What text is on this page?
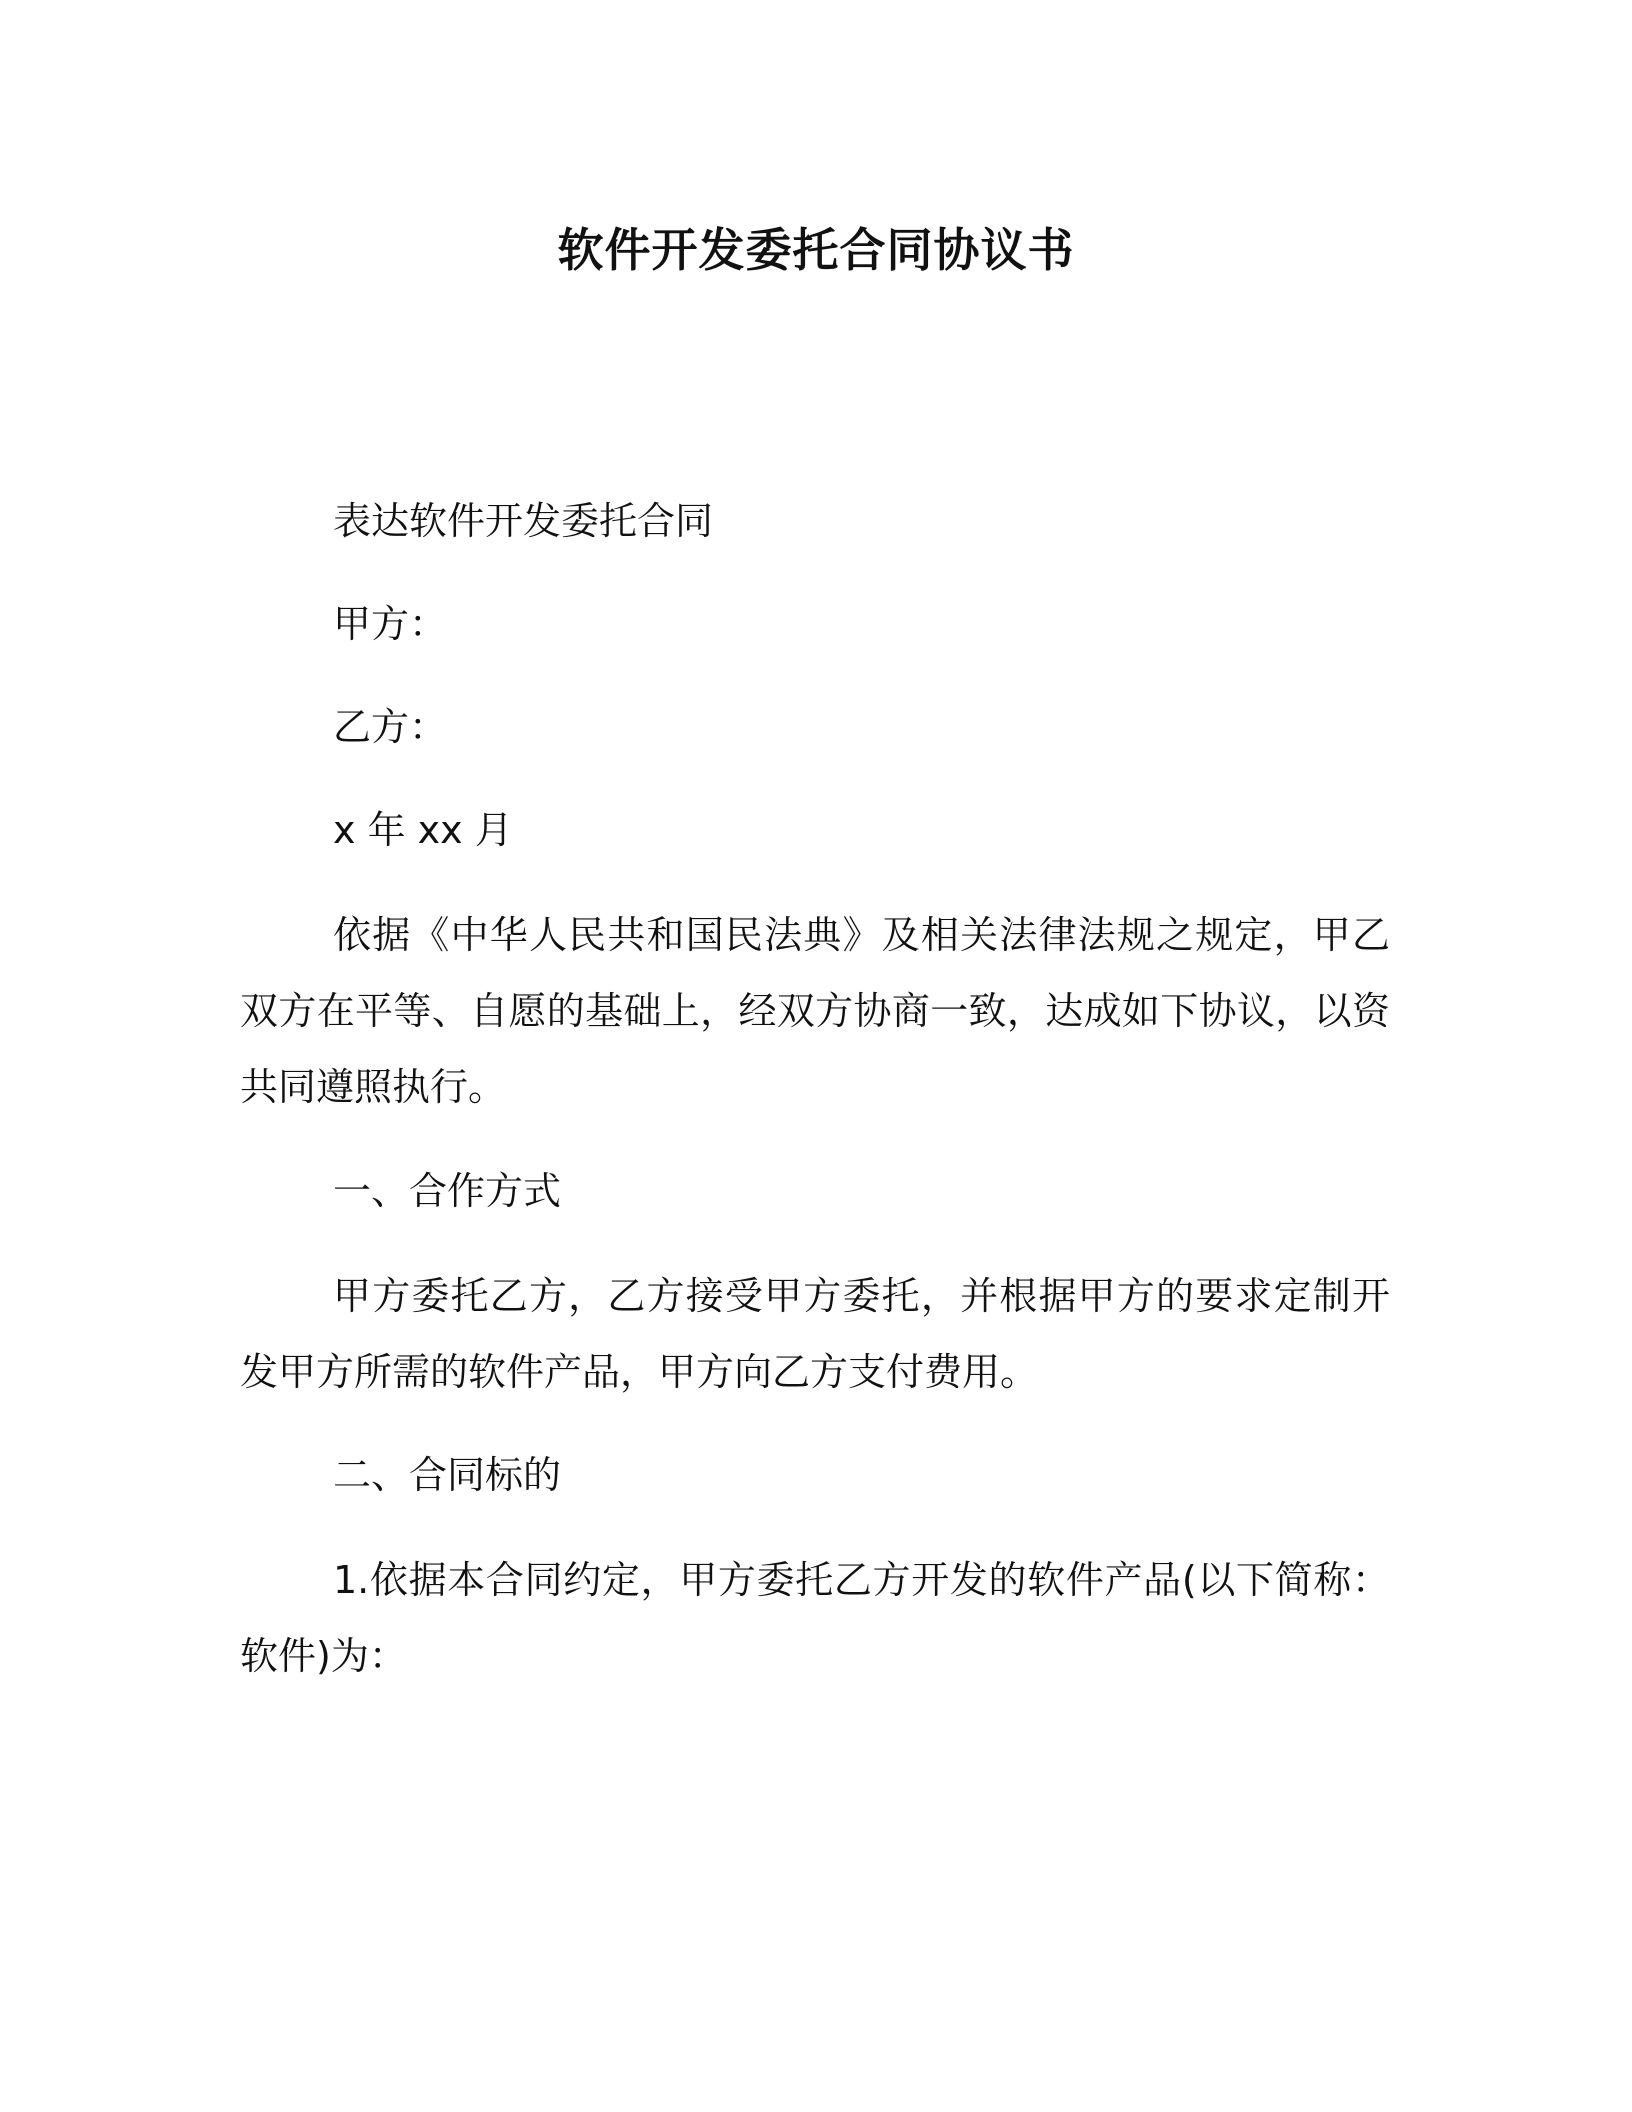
软件开发委托合同协议书
表达软件开发委托合同
甲方：
乙方：
x 年 xx 月
依据《中华人民共和国民法典》及相关法律法规之规定，甲乙双方在平等、自愿的基础上，经双方协商一致，达成如下协议，以资共同遵照执行。
一、合作方式
甲方委托乙方，乙方接受甲方委托，并根据甲方的要求定制开发甲方所需的软件产品，甲方向乙方支付费用。
二、合同标的
1.依据本合同约定，甲方委托乙方开发的软件产品(以下简称：软件)为：
